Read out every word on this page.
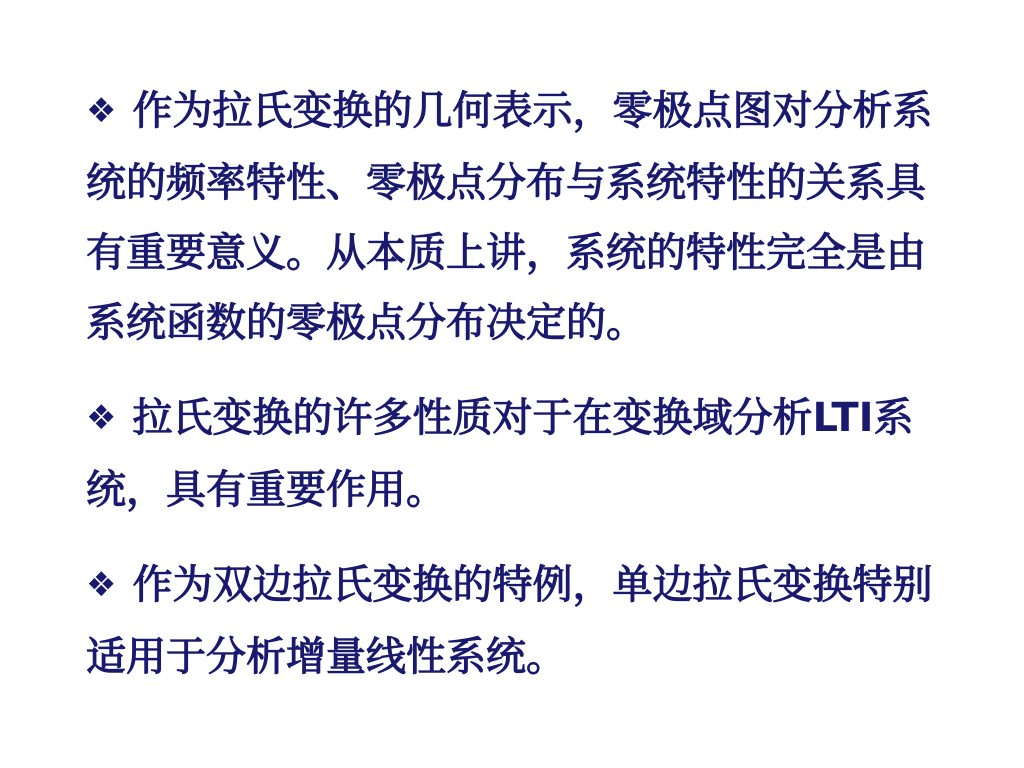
❖ 作为拉氏变换的几何表示，零极点图对分析系
统的频率特性、零极点分布与系统特性的关系具
有重要意义。从本质上讲，系统的特性完全是由
系统函数的零极点分布决定的。
❖ 拉氏变换的许多性质对于在变换域分析LTI系
统，具有重要作用。
❖ 作为双边拉氏变换的特例，单边拉氏变换特别
适用于分析增量线性系统。
